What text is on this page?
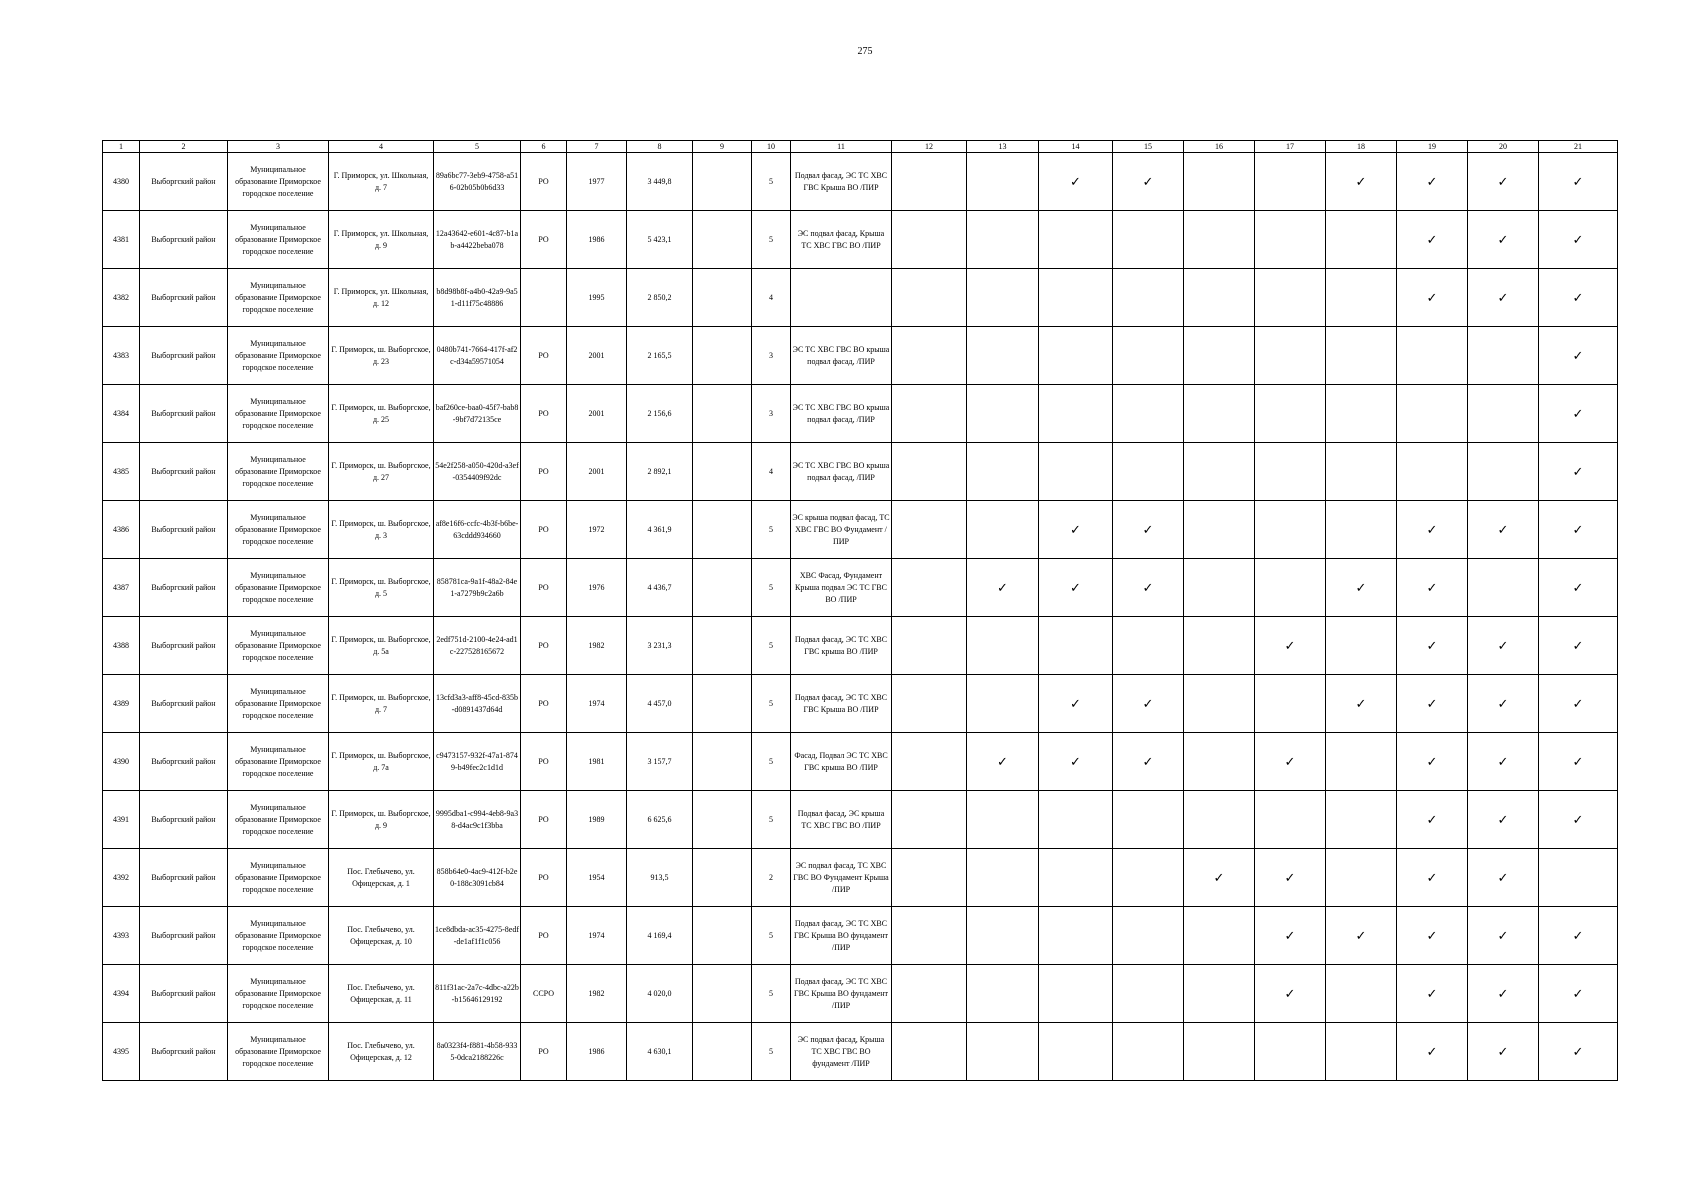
275
1	2	3	4	5	6	7	8	9	10	11	12	13	14	15	16	17	18	19	20	21
4380	Выборгский район	Муниципальное образование Приморское городское поселение	Г. Приморск, ул. Школьная, д. 7	89a6bc77-3eb9-4758-a516-02b05b0b6d33	РО	1977	3 449,8		5	Подвал фасад, ЭС ТС ХВС ГВС Крыша ВО /ПИР			✓	✓			✓	✓	✓	✓
4381	Выборгский район	Муниципальное образование Приморское городское поселение	Г. Приморск, ул. Школьная, д. 9	12a43642-e601-4c87-b1ab-a4422beba078	РО	1986	5 423,1		5	ЭС подвал фасад, Крыша ТС ХВС ГВС ВО /ПИР								✓	✓	✓
4382	Выборгский район	Муниципальное образование Приморское городское поселение	Г. Приморск, ул. Школьная, д. 12	b8d98b8f-a4b0-42a9-9a51-d11f75c48886		1995	2 850,2		4									✓	✓	✓
4383	Выборгский район	Муниципальное образование Приморское городское поселение	Г. Приморск, ш. Выборгское, д. 23	0480b741-7664-417f-af2c-d34a59571054	РО	2001	2 165,5		3	ЭС ТС ХВС ГВС ВО крыша подвал фасад, /ПИР										✓
4384	Выборгский район	Муниципальное образование Приморское городское поселение	Г. Приморск, ш. Выборгское, д. 25	baf260ce-baa0-45f7-bab8-9bf7d72135ce	РО	2001	2 156,6		3	ЭС ТС ХВС ГВС ВО крыша подвал фасад, /ПИР										✓
4385	Выборгский район	Муниципальное образование Приморское городское поселение	Г. Приморск, ш. Выборгское, д. 27	54e2f258-a050-420d-a3ef-0354409f92dc	РО	2001	2 892,1		4	ЭС ТС ХВС ГВС ВО крыша подвал фасад, /ПИР										✓
4386	Выборгский район	Муниципальное образование Приморское городское поселение	Г. Приморск, ш. Выборгское, д. 3	af8e16f6-ccfc-4b3f-b6be-63cddd934660	РО	1972	4 361,9		5	ЭС крыша подвал фасад, ТС ХВС ГВС ВО Фундамент /ПИР			✓	✓				✓	✓	✓
4387	Выборгский район	Муниципальное образование Приморское городское поселение	Г. Приморск, ш. Выборгское, д. 5	858781ca-9a1f-48a2-84e1-a7279b9c2a6b	РО	1976	4 436,7		5	ХВС Фасад, Фундамент Крыша подвал ЭС ТС ГВС ВО /ПИР		✓	✓	✓			✓	✓		✓
4388	Выборгский район	Муниципальное образование Приморское городское поселение	Г. Приморск, ш. Выборгское, д. 5а	2edf751d-2100-4e24-ad1c-227528165672	РО	1982	3 231,3		5	Подвал фасад, ЭС ТС ХВС ГВС крыша ВО /ПИР						✓		✓	✓	✓
4389	Выборгский район	Муниципальное образование Приморское городское поселение	Г. Приморск, ш. Выборгское, д. 7	13cfd3a3-aff8-45cd-835b-d0891437d64d	РО	1974	4 457,0		5	Подвал фасад, ЭС ТС ХВС ГВС Крыша ВО /ПИР			✓	✓			✓	✓	✓	✓
4390	Выборгский район	Муниципальное образование Приморское городское поселение	Г. Приморск, ш. Выборгское, д. 7а	c9473157-932f-47a1-8749-b49fec2c1d1d	РО	1981	3 157,7		5	Фасад, Подвал ЭС ТС ХВС ГВС крыша ВО /ПИР		✓	✓	✓		✓		✓	✓	✓
4391	Выборгский район	Муниципальное образование Приморское городское поселение	Г. Приморск, ш. Выборгское, д. 9	9995dba1-c994-4eb8-9a38-d4ac9c1f3bba	РО	1989	6 625,6		5	Подвал фасад, ЭС крыша ТС ХВС ГВС ВО /ПИР								✓	✓	✓
4392	Выборгский район	Муниципальное образование Приморское городское поселение	Пос. Глебычево, ул. Офицерская, д. 1	858b64e0-4ac9-412f-b2e0-188c3091cb84	РО	1954	913,5		2	ЭС подвал фасад, ТС ХВС ГВС ВО Фундамент Крыша /ПИР					✓	✓		✓	✓	
4393	Выборгский район	Муниципальное образование Приморское городское поселение	Пос. Глебычево, ул. Офицерская, д. 10	1ce8dbda-ac35-4275-8edf-de1af1f1c056	РО	1974	4 169,4		5	Подвал фасад, ЭС ТС ХВС ГВС Крыша ВО фундамент /ПИР						✓	✓	✓	✓	✓
4394	Выборгский район	Муниципальное образование Приморское городское поселение	Пос. Глебычево, ул. Офицерская, д. 11	811f31ac-2a7c-4dbc-a22b-b15646129192	ССРО	1982	4 020,0		5	Подвал фасад, ЭС ТС ХВС ГВС Крыша ВО фундамент /ПИР						✓		✓	✓	✓
4395	Выборгский район	Муниципальное образование Приморское городское поселение	Пос. Глебычево, ул. Офицерская, д. 12	8a0323f4-f881-4b58-9335-0dca2188226c	РО	1986	4 630,1		5	ЭС подвал фасад, Крыша ТС ХВС ГВС ВО фундамент /ПИР								✓	✓	✓
